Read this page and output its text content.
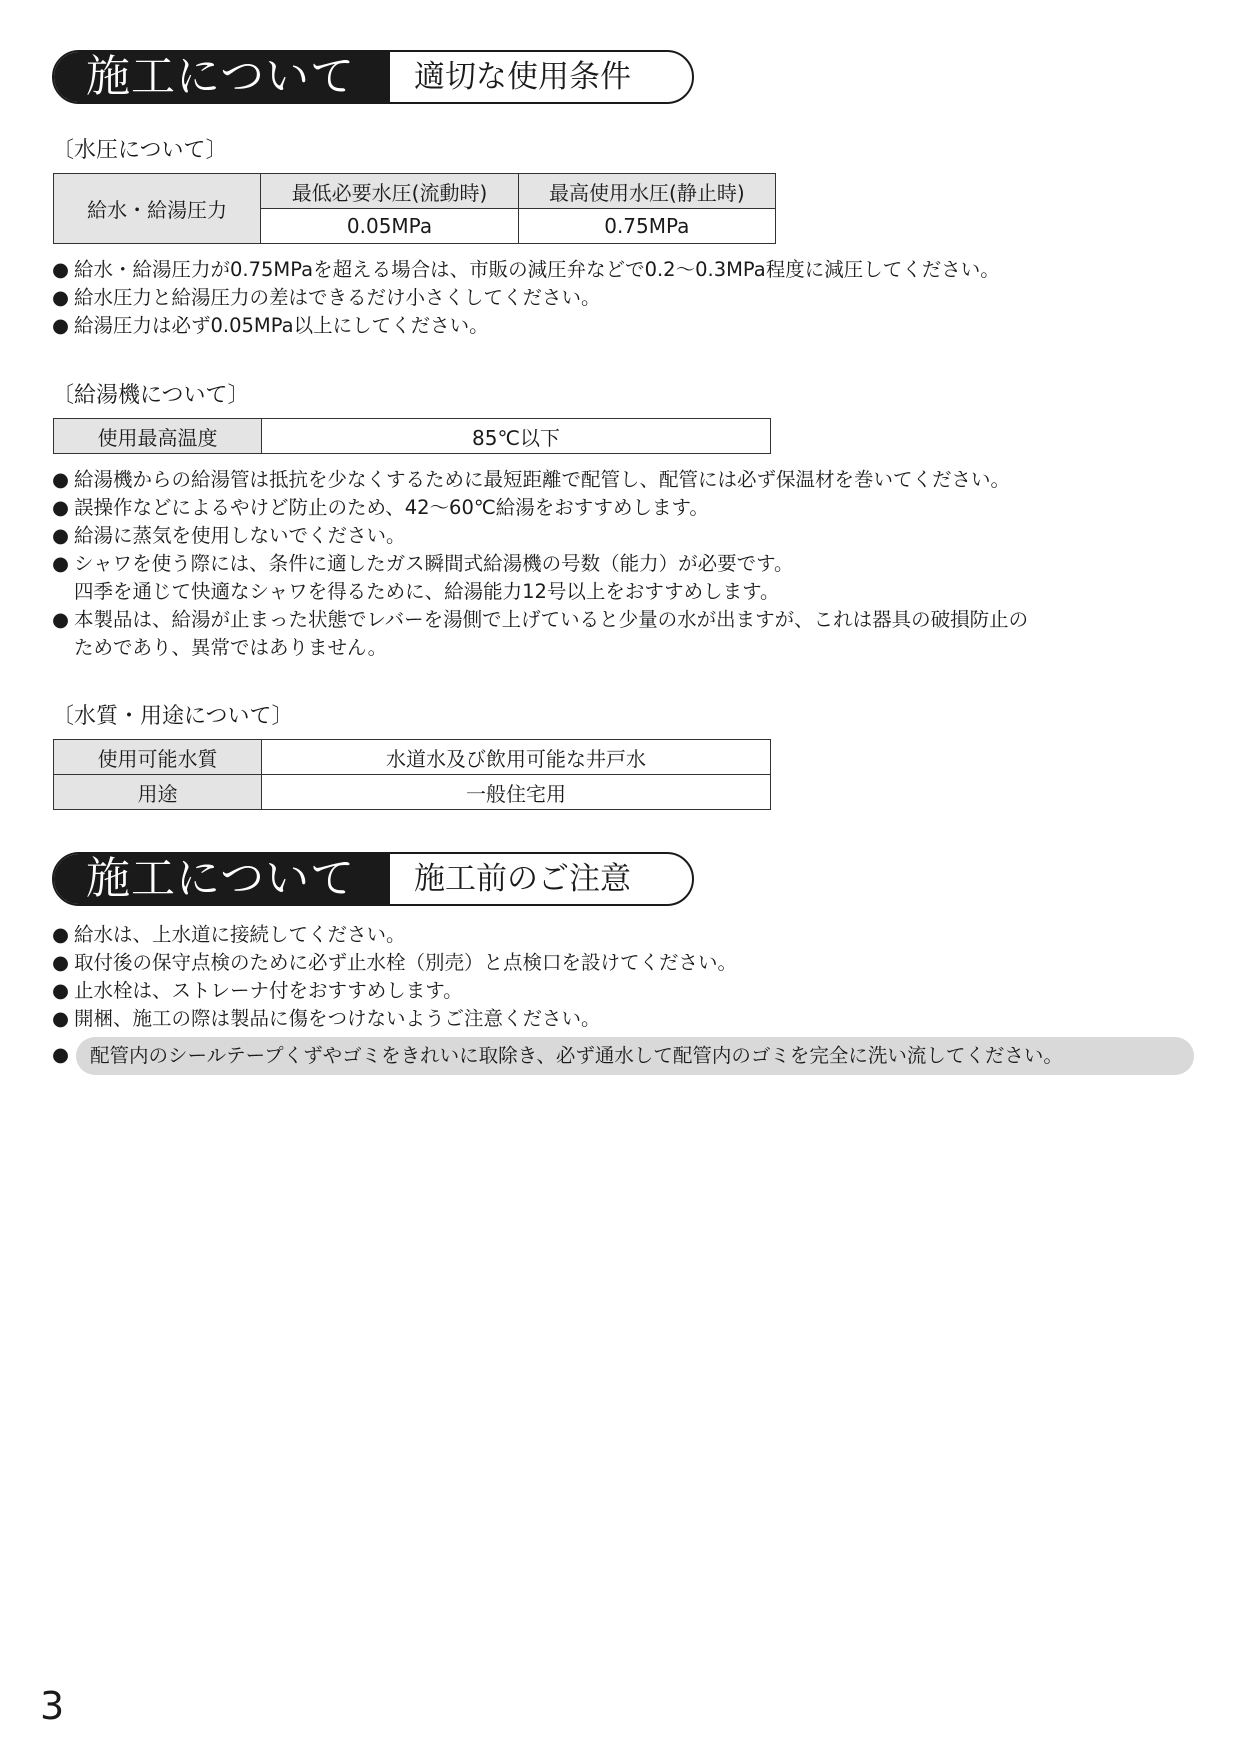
施工について	適切な使用条件
〔水圧について〕
給水・給湯圧力	最低必要水圧(流動時)	最高使用水圧(静止時)
	0.05MPa	0.75MPa
● 給水・給湯圧力が0.75MPaを超える場合は、市販の減圧弁などで0.2～0.3MPa程度に減圧してください。
● 給水圧力と給湯圧力の差はできるだけ小さくしてください。
● 給湯圧力は必ず0.05MPa以上にしてください。
〔給湯機について〕
使用最高温度	85℃以下
● 給湯機からの給湯管は抵抗を少なくするために最短距離で配管し、配管には必ず保温材を巻いてください。
● 誤操作などによるやけど防止のため、42～60℃給湯をおすすめします。
● 給湯に蒸気を使用しないでください。
● シャワを使う際には、条件に適したガス瞬間式給湯機の号数（能力）が必要です。
四季を通じて快適なシャワを得るために、給湯能力12号以上をおすすめします。
● 本製品は、給湯が止まった状態でレバーを湯側で上げていると少量の水が出ますが、これは器具の破損防止の
ためであり、異常ではありません。
〔水質・用途について〕
使用可能水質	水道水及び飲用可能な井戸水
用途	一般住宅用
施工について	施工前のご注意
● 給水は、上水道に接続してください。
● 取付後の保守点検のために必ず止水栓（別売）と点検口を設けてください。
● 止水栓は、ストレーナ付をおすすめします。
● 開梱、施工の際は製品に傷をつけないようご注意ください。
●	配管内のシールテープくずやゴミをきれいに取除き、必ず通水して配管内のゴミを完全に洗い流してください。
3
